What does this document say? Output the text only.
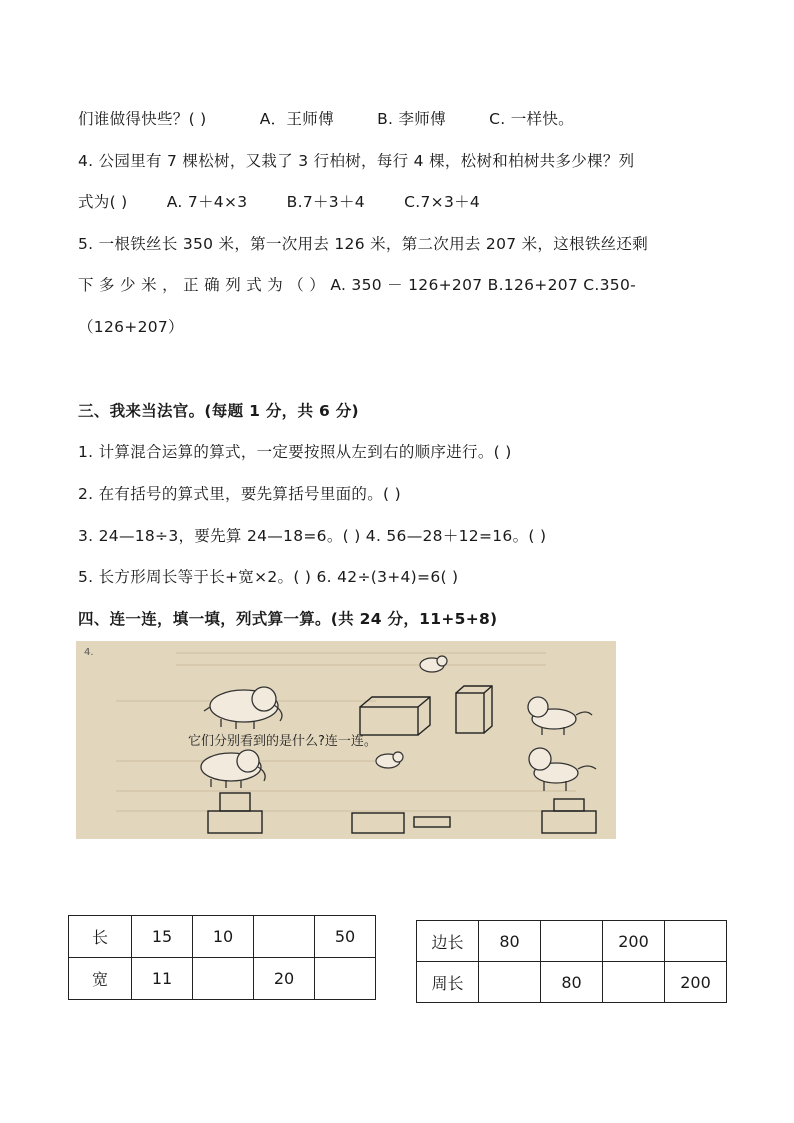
们谁做得快些？( )	A．王师傅	B. 李师傅	C. 一样快。
4. 公园里有 7 棵松树，又栽了 3 行柏树，每行 4 棵，松树和柏树共多少棵？列
式为( )	A. 7＋4×3	B.7＋3＋4	C.7×3＋4
5. 一根铁丝长 350 米，第一次用去 126 米，第二次用去 207 米，这根铁丝还剩
下 多 少 米 ， 正 确 列 式 为 （ ） A. 350 － 126+207 B.126+207 C.350-
（126+207）
三、我来当法官。(每题 1 分，共 6 分)
1. 计算混合运算的算式，一定要按照从左到右的顺序进行。( )
2. 在有括号的算式里，要先算括号里面的。( )
3. 24—18÷3，要先算 24—18=6。( ) 4. 56—28＋12=16。( )
5. 长方形周长等于长+宽×2。( ) 6. 42÷(3+4)=6( )
四、连一连，填一填，列式算一算。(共 24 分，11+5+8)
4.
它们分别看到的是什么?连一连。
长	15	10		50
宽	11		20	
边长	80		200	
周长		80		200
